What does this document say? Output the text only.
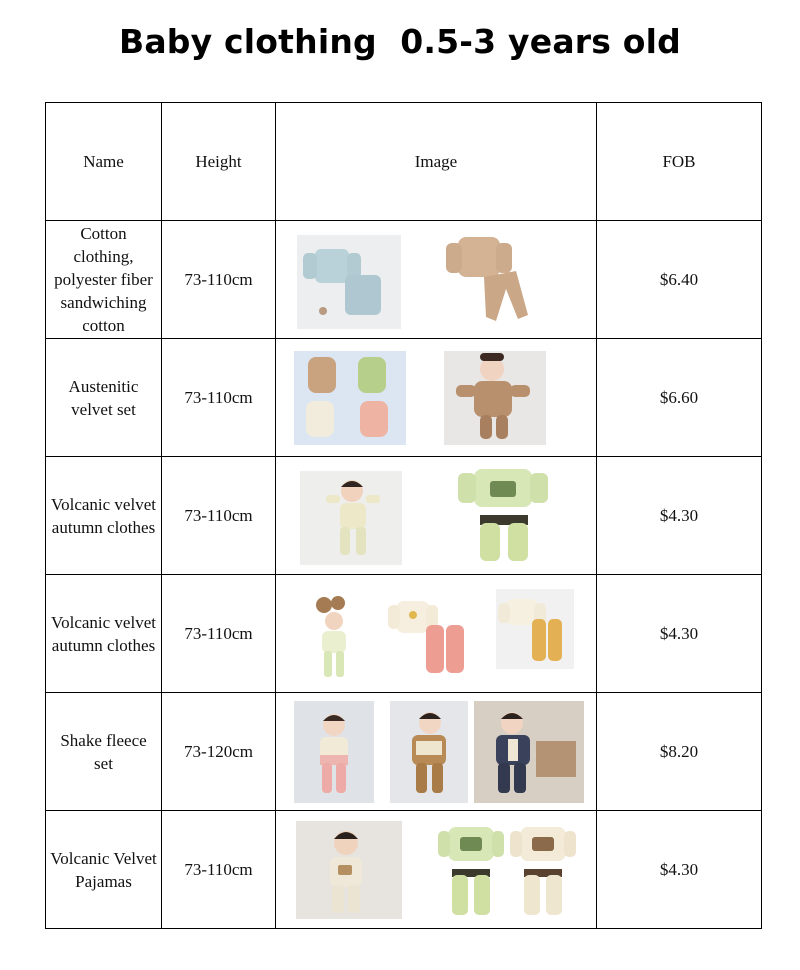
Baby clothing  0.5-3 years old
Name	Height	Image	FOB
Cotton clothing, polyester fiber sandwiching cotton	73-110cm		$6.40
Austenitic velvet set	73-110cm		$6.60
Volcanic velvet autumn clothes	73-110cm		$4.30
Volcanic velvet autumn clothes	73-110cm		$4.30
Shake fleece set	73-120cm		$8.20
Volcanic Velvet Pajamas	73-110cm		$4.30
